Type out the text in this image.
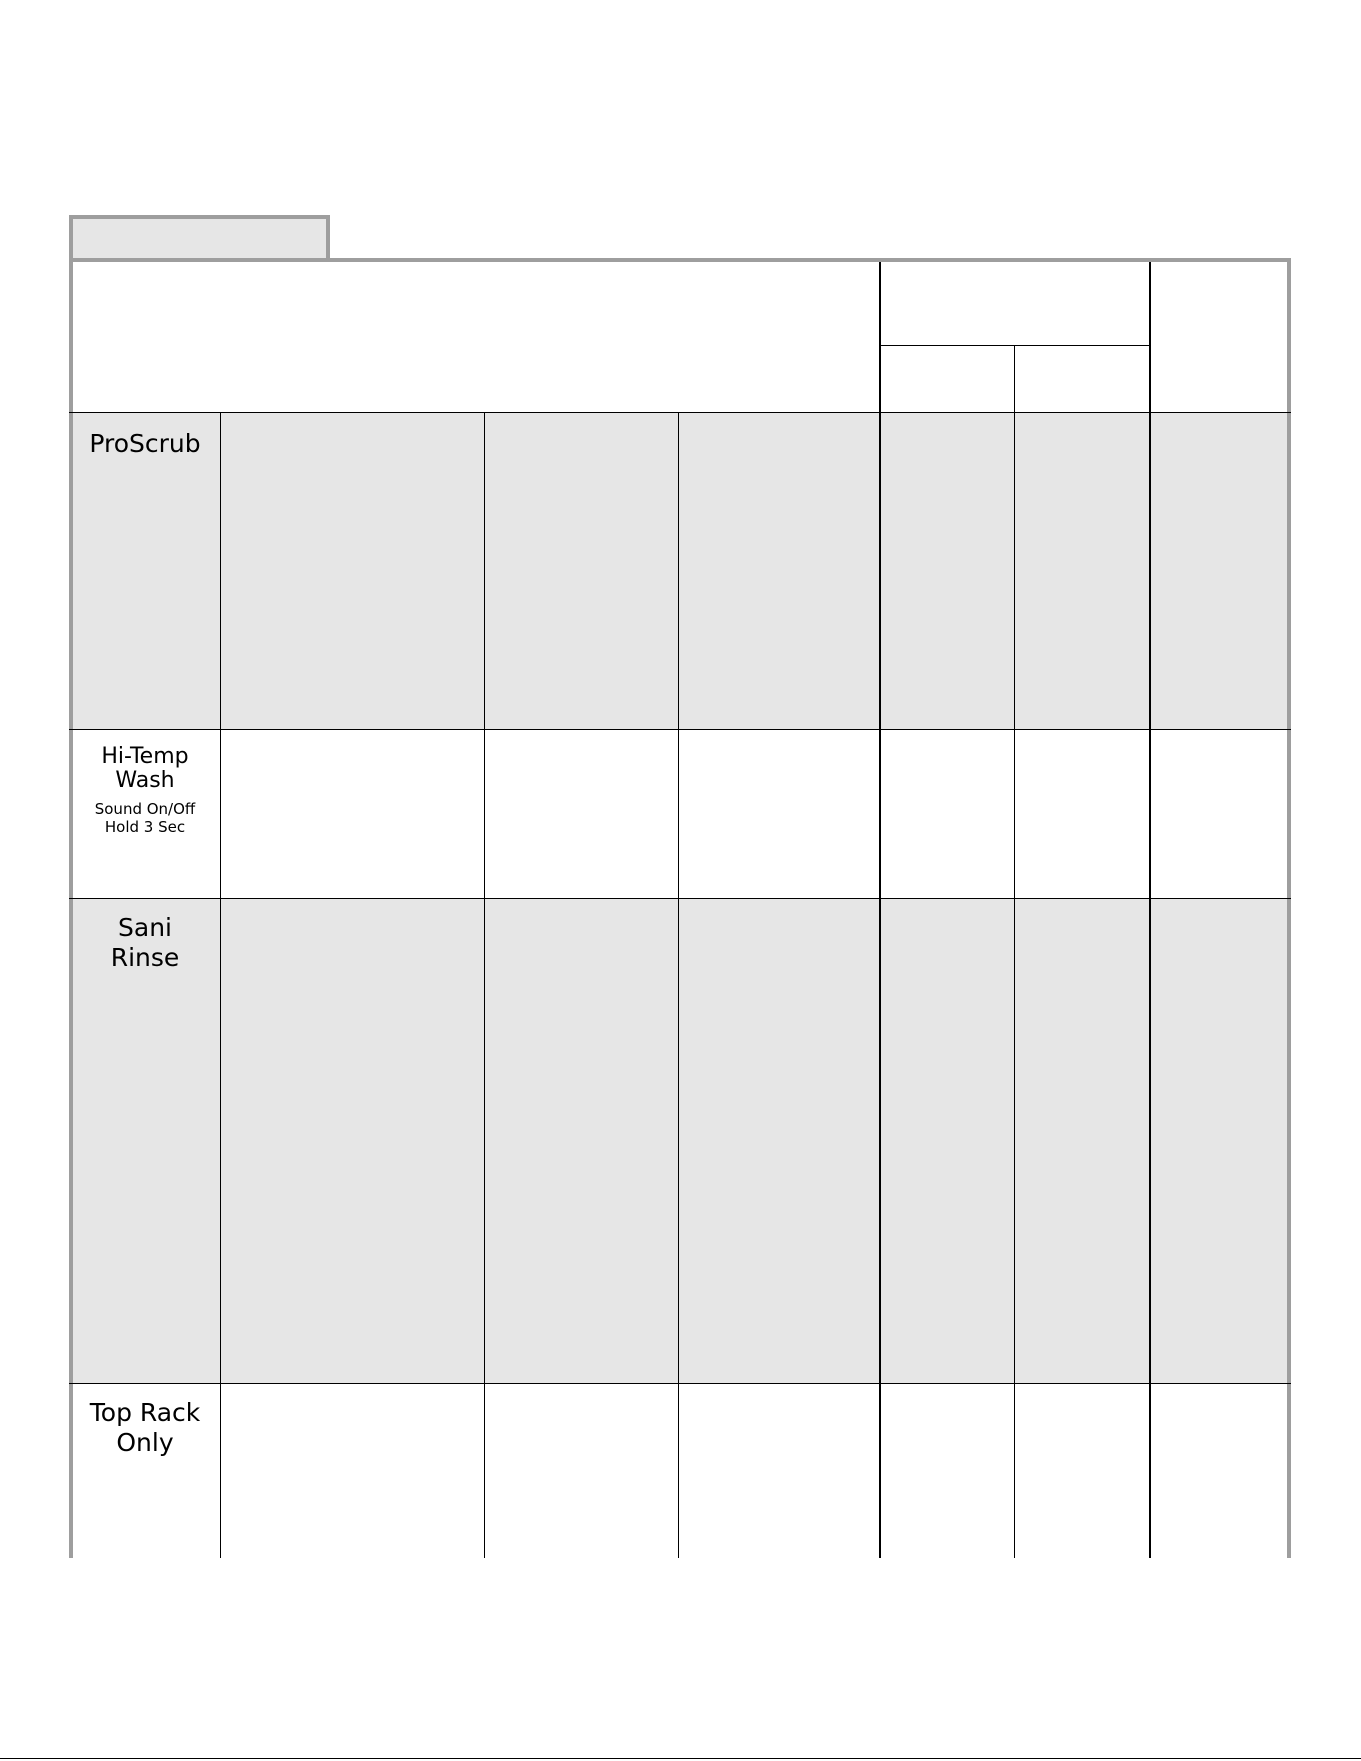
ProScrub
Hi-Temp
Wash
Sound On/Off
Hold 3 Sec
Sani
Rinse
Top Rack
Only
